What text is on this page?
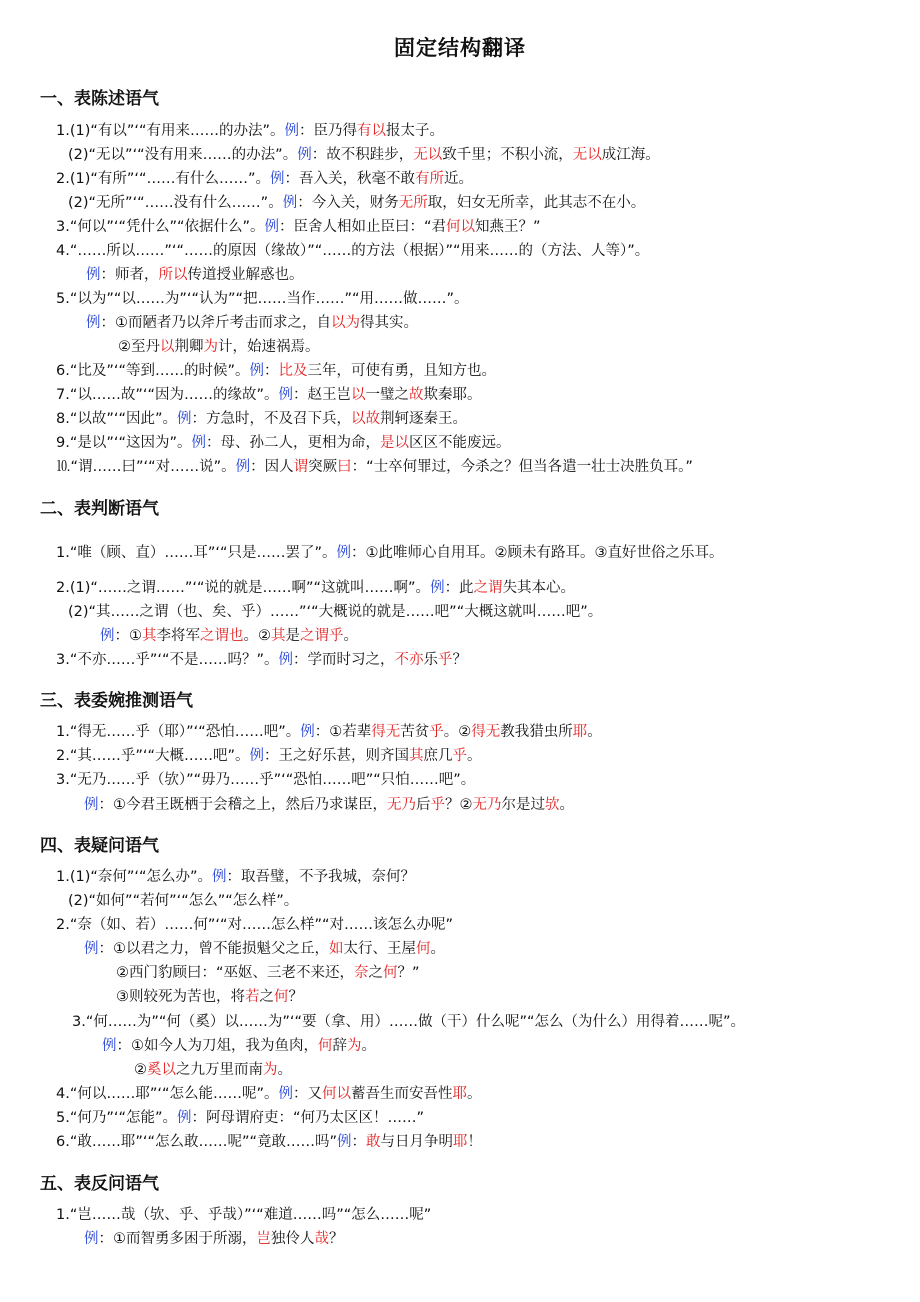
固定结构翻译
一、表陈述语气
1.(1)“有以”‘“有用来……的办法”。例：臣乃得有以报太子。
(2)“无以”‘“没有用来……的办法”。例：故不积跬步，无以致千里；不积小流，无以成江海。
2.(1)“有所”‘“……有什么……”。例：吾入关，秋毫不敢有所近。
(2)“无所”‘“……没有什么……”。例：今入关，财务无所取，妇女无所幸，此其志不在小。
3.“何以”‘“凭什么”“依据什么”。例：臣舍人相如止臣曰：“君何以知燕王？”
4.“……所以……”‘“……的原因（缘故）”“……的方法（根据）”“用来……的（方法、人等）”。
例：师者，所以传道授业解惑也。
5.“以为”“以……为”‘“认为”“把……当作……”“用……做……”。
例：①而陋者乃以斧斤考击而求之，自以为得其实。
②至丹以荆卿为计，始速祸焉。
6.“比及”‘“等到……的时候”。例：比及三年，可使有勇，且知方也。
7.“以……故”‘“因为……的缘故”。例：赵王岂以一璧之故欺秦耶。
8.“以故”‘“因此”。例：方急时，不及召下兵，以故荆轲逐秦王。
9.“是以”‘“这因为”。例：母、孙二人，更相为命，是以区区不能废远。
⒑“谓……曰”‘“对……说”。例：因人谓突厥曰：“士卒何罪过，今杀之？但当各遣一壮士决胜负耳。”
二、表判断语气
1.“唯（顾、直）……耳”‘“只是……罢了”。例：①此唯师心自用耳。②顾未有路耳。③直好世俗之乐耳。
2.(1)“……之谓……”‘“说的就是……啊”“这就叫……啊”。例：此之谓失其本心。
(2)“其……之谓（也、矣、乎）……”‘“大概说的就是……吧”“大概这就叫……吧”。
例：①其李将军之谓也。②其是之谓乎。
3.“不亦……乎”‘“不是……吗？”。例：学而时习之，不亦乐乎？
三、表委婉推测语气
1.“得无……乎（耶）”‘“恐怕……吧”。例：①若辈得无苦贫乎。②得无教我猎虫所耶。
2.“其……乎”‘“大概……吧”。例：王之好乐甚，则齐国其庶几乎。
3.“无乃……乎（欤）”“毋乃……乎”‘“恐怕……吧”“只怕……吧”。
例：①今君王既栖于会稽之上，然后乃求谋臣，无乃后乎？②无乃尔是过欤。
四、表疑问语气
1.(1)“奈何”‘“怎么办”。例：取吾璧，不予我城，奈何？
(2)“如何”“若何”‘“怎么”“怎么样”。
2.“奈（如、若）……何”‘“对……怎么样”“对……该怎么办呢”
例：①以君之力，曾不能损魁父之丘，如太行、王屋何。
②西门豹顾曰：“巫妪、三老不来还，奈之何？”
③则较死为苦也，将若之何？
3.“何……为”“何（奚）以……为”‘“要（拿、用）……做（干）什么呢”“怎么（为什么）用得着……呢”。
例：①如今人为刀俎，我为鱼肉，何辞为。
②奚以之九万里而南为。
4.“何以……耶”‘“怎么能……呢”。例：又何以蓄吾生而安吾性耶。
5.“何乃”‘“怎能”。例：阿母谓府吏：“何乃太区区！……”
6.“敢……耶”‘“怎么敢……呢”“竟敢……吗”例：敢与日月争明耶！
五、表反问语气
1.“岂……哉（欤、乎、乎哉）”‘“难道……吗”“怎么……呢”
例：①而智勇多困于所溺，岂独伶人哉？
